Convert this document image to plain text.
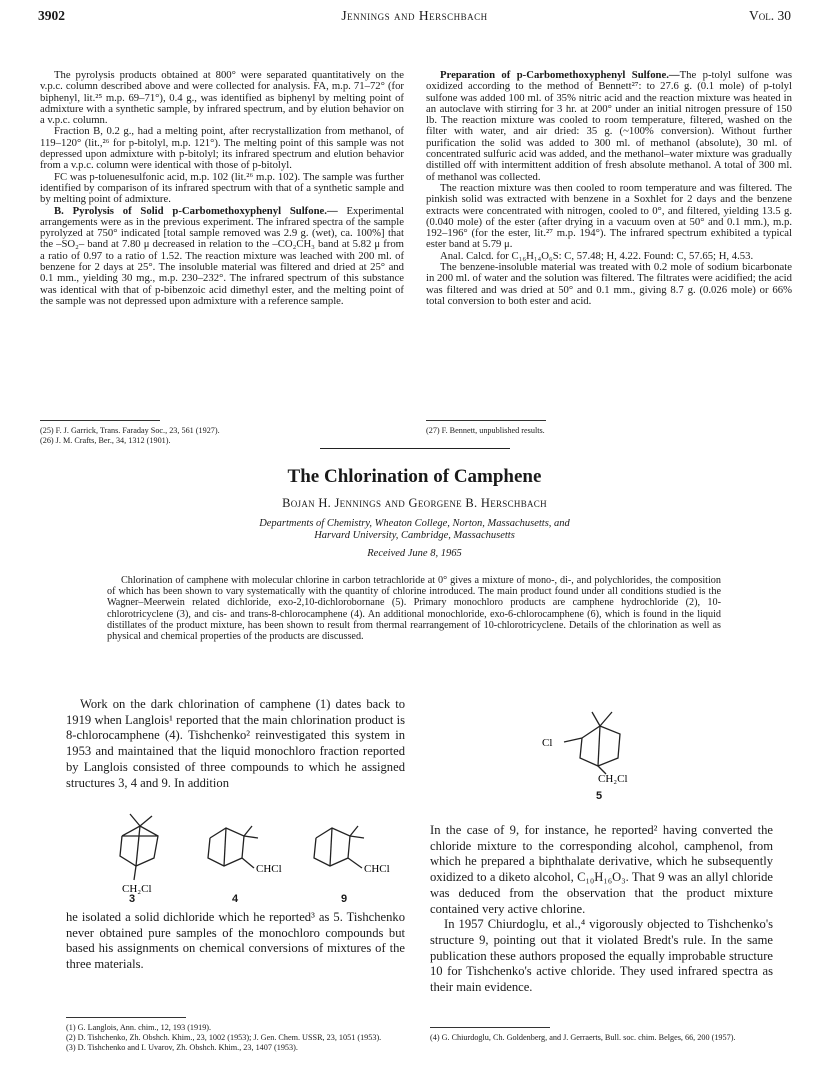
3902	Jennings and Herschbach	Vol. 30

The pyrolysis products obtained at 800° were separated quantitatively on the v.p.c. column described above and were collected for analysis. FA, m.p. 71–72° (for biphenyl, lit.²⁵ m.p. 69–71°), 0.4 g., was identified as biphenyl by melting point of admixture with a synthetic sample, by infrared spectrum, and by elution behavior on a v.p.c. column.

Fraction B, 0.2 g., had a melting point, after recrystallization from methanol, of 119–120° (lit.,²⁶ for p-bitolyl, m.p. 121°). The melting point of this sample was not depressed upon admixture with p-bitolyl; its infrared spectrum and elution behavior from a v.p.c. column were identical with those of p-bitolyl.

FC was p-toluenesulfonic acid, m.p. 102 (lit.²⁶ m.p. 102). The sample was further identified by comparison of its infrared spectrum with that of a synthetic sample and by melting point of admixture.

B. Pyrolysis of Solid p-Carbomethoxyphenyl Sulfone.— Experimental arrangements were as in the previous experiment. The infrared spectra of the sample pyrolyzed at 750° indicated [total sample removed was 2.9 g. (wet), ca. 100%] that the –SO₂– band at 7.80 μ decreased in relation to the –CO₂CH₃ band at 5.82 μ from a ratio of 0.97 to a ratio of 1.52. The reaction mixture was leached with 200 ml. of benzene for 2 days at 25°. The insoluble material was filtered and dried at 25° and 0.1 mm., yielding 30 mg., m.p. 230–232°. The infrared spectrum of this substance was identical with that of p-bibenzoic acid dimethyl ester, and the melting point of the sample was not depressed upon admixture with a reference sample.

Preparation of p-Carbomethoxyphenyl Sulfone.—The p-tolyl sulfone was oxidized according to the method of Bennett²⁷: to 27.6 g. (0.1 mole) of p-tolyl sulfone was added 100 ml. of 35% nitric acid and the reaction mixture was heated in an autoclave with stirring for 3 hr. at 200° under an initial nitrogen pressure of 150 lb. The reaction mixture was cooled to room temperature, filtered, washed on the filter with water, and air dried: 35 g. (~100% conversion). Without further purification the solid was added to 300 ml. of methanol (absolute), 30 ml. of concentrated sulfuric acid was added, and the methanol–water mixture was gradually distilled off with intermittent addition of fresh absolute methanol. A total of 300 ml. of methanol was collected.

The reaction mixture was then cooled to room temperature and was filtered. The pinkish solid was extracted with benzene in a Soxhlet for 2 days and the benzene extracts were concentrated with nitrogen, cooled to 0°, and filtered, yielding 13.5 g. (0.040 mole) of the ester (after drying in a vacuum oven at 50° and 0.1 mm.), m.p. 192–196° (for the ester, lit.²⁷ m.p. 194°). The infrared spectrum exhibited a typical ester band at 5.79 μ.

Anal. Calcd. for C₁₆H₁₄O₆S: C, 57.48; H, 4.22. Found: C, 57.65; H, 4.53.

The benzene-insoluble material was treated with 0.2 mole of sodium bicarbonate in 200 ml. of water and the solution was filtered. The filtrates were acidified; the acid was filtered and was dried at 50° and 0.1 mm., giving 8.7 g. (0.026 mole) or 66% total conversion to both ester and acid.

(25) F. J. Garrick, Trans. Faraday Soc., 23, 561 (1927).
(26) J. M. Crafts, Ber., 34, 1312 (1901).
(27) F. Bennett, unpublished results.
The Chlorination of Camphene
Bojan H. Jennings and Georgene B. Herschbach
Departments of Chemistry, Wheaton College, Norton, Massachusetts, and
Harvard University, Cambridge, Massachusetts
Received June 8, 1965
Chlorination of camphene with molecular chlorine in carbon tetrachloride at 0° gives a mixture of mono-, di-, and polychlorides, the composition of which has been shown to vary systematically with the quantity of chlorine introduced. The main product found under all conditions studied is the Wagner–Meerwein related dichloride, exo-2,10-dichlorobornane (5). Primary monochloro products are camphene hydrochloride (2), 10-chlorotricyclene (3), and cis- and trans-8-chlorocamphene (4). An additional monochloride, exo-6-chlorocamphene (6), which is found in the liquid distillates of the product mixture, has been shown to result from thermal rearrangement of 10-chlorotricyclene. Details of the chlorination as well as physical and chemical properties of the products are discussed.

Work on the dark chlorination of camphene (1) dates back to 1919 when Langlois¹ reported that the main chlorination product is 8-chlorocamphene (4). Tishchenko² reinvestigated this system in 1953 and maintained that the liquid monochloro fraction reported by Langlois consisted of three compounds to which he assigned structures 3, 4 and 9. In addition

CH₂Cl
CHCl	CHCl
3	4	9

he isolated a solid dichloride which he reported³ as 5. Tishchenko never obtained pure samples of the monochloro compounds but based his assignments on chemical conversions of mixtures of the three materials.

Cl
CH₂Cl
5

In the case of 9, for instance, he reported² having converted the chloride mixture to the corresponding alcohol, camphenol, from which he prepared a biphthalate derivative, which he subsequently oxidized to a diketo alcohol, C₁₀H₁₆O₃. That 9 was an allyl chloride was deduced from the observation that the product mixture contained very active chlorine.

In 1957 Chiurdoglu, et al.,⁴ vigorously objected to Tishchenko's structure 9, pointing out that it violated Bredt's rule. In the same publication these authors proposed the equally improbable structure 10 for Tishchenko's active chloride. They used infrared spectra as their main evidence.

(1) G. Langlois, Ann. chim., 12, 193 (1919).
(2) D. Tishchenko, Zh. Obshch. Khim., 23, 1002 (1953); J. Gen. Chem. USSR, 23, 1051 (1953).
(3) D. Tishchenko and I. Uvarov, Zh. Obshch. Khim., 23, 1407 (1953).
(4) G. Chiurdoglu, Ch. Goldenberg, and J. Gerraerts, Bull. soc. chim. Belges, 66, 200 (1957).
